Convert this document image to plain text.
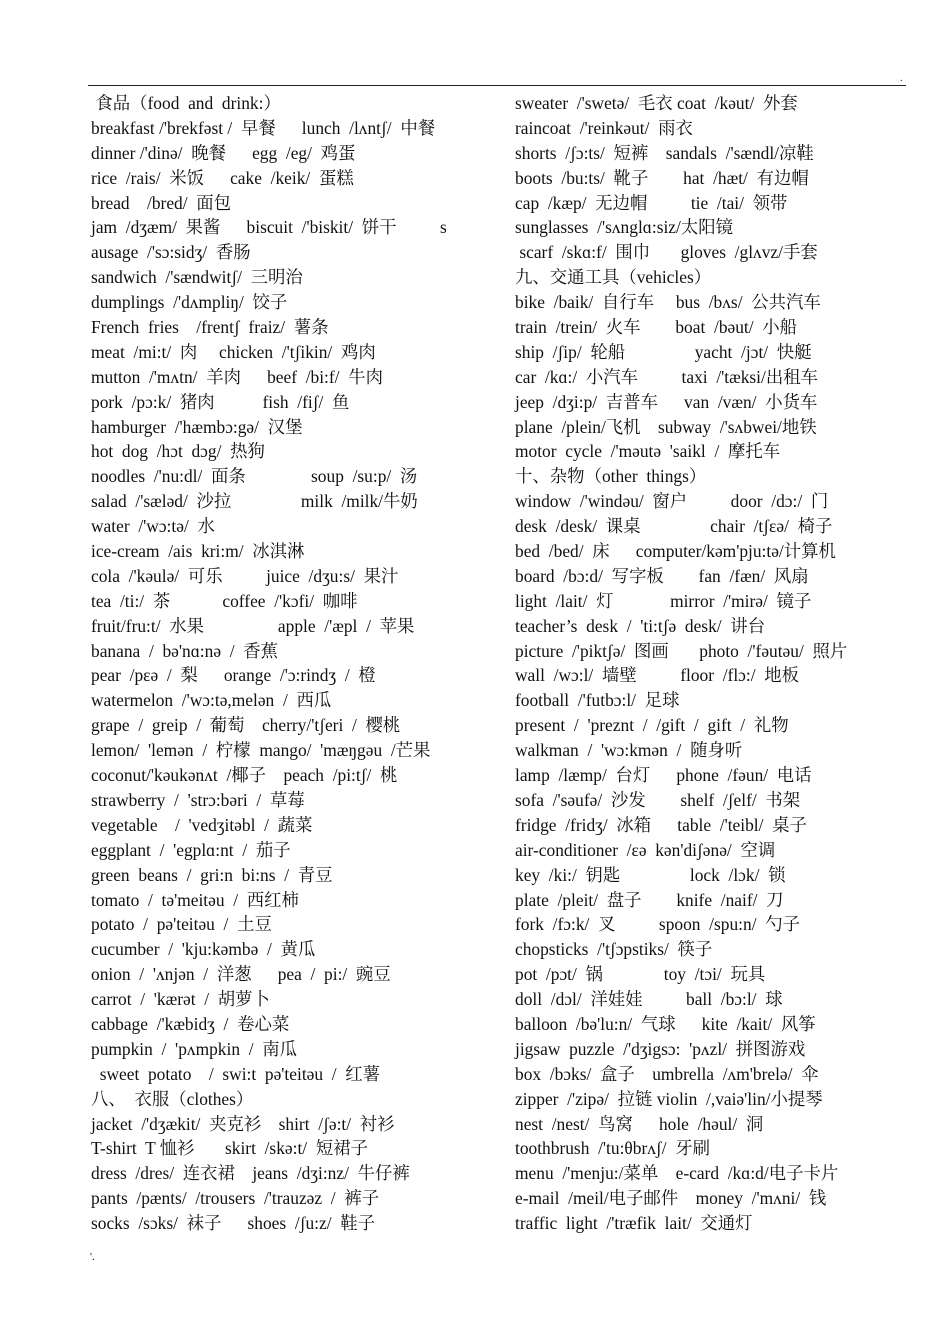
.
食品（food  and  drink:）
breakfast /'brekfəst /  早餐      lunch  /lʌntʃ/  中餐
dinner /'dinə/  晚餐      egg  /eg/  鸡蛋
rice  /rais/  米饭      cake  /keik/  蛋糕
bread    /bred/  面包
jam  /dʒæm/  果酱      biscuit  /'biskit/  饼干          s
ausage  /'sɔ:sidʒ/  香肠
sandwich  /'sændwitʃ/  三明治
dumplings  /'dʌmpliŋ/  饺子
French  fries    /frentʃ  fraiz/  薯条
meat  /mi:t/  肉     chicken  /'tʃikin/  鸡肉
mutton  /'mʌtn/  羊肉      beef  /bi:f/  牛肉
pork  /pɔ:k/  猪肉           fish  /fiʃ/  鱼
hamburger  /'hæmbɔ:gə/  汉堡
hot  dog  /hɔt  dɔg/  热狗
noodles  /'nu:dl/  面条               soup  /su:p/  汤
salad  /'sæləd/  沙拉                milk  /milk/牛奶
water  /'wɔ:tə/  水
ice-cream  /ais  kri:m/  冰淇淋
cola  /'kəulə/  可乐          juice  /dʒu:s/  果汁
tea  /ti:/  茶            coffee  /'kɔfi/  咖啡
fruit/fru:t/  水果                 apple  /'æpl  /  苹果
banana  /  bə'nɑ:nə  /  香蕉
pear  /pɛə  /  梨      orange  /'ɔ:rindʒ  /  橙
watermelon  /'wɔ:tə,melən  /  西瓜
grape  /  greip  /  葡萄    cherry/'tʃeri  /  樱桃
lemon/  'lemən  /  柠檬  mango/  'mæŋgəu  /芒果
coconut/'kəukənʌt  /椰子    peach  /pi:tʃ/  桃
strawberry  /  'strɔ:bəri  /  草莓
vegetable    /  'vedʒitəbl  /  蔬菜
eggplant  /  'egplɑ:nt  /  茄子
green  beans  /  gri:n  bi:ns  /  青豆
tomato  /  tə'meitəu  /  西红柿
potato  /  pə'teitəu  /  土豆
cucumber  /  'kju:kəmbə  /  黄瓜
onion  /  'ʌnjən  /  洋葱      pea  /  pi:/  豌豆
carrot  /  'kærət  /  胡萝卜
cabbage  /'kæbidʒ  /  卷心菜
pumpkin  /  'pʌmpkin  /  南瓜
sweet  potato    /  swi:t  pə'teitəu  /  红薯
八、  衣服（clothes）
jacket  /'dʒækit/  夹克衫    shirt  /ʃə:t/  衬衫
T-shirt  T 恤衫       skirt  /skə:t/  短裙子
dress  /dres/  连衣裙    jeans  /dʒi:nz/  牛仔裤
pants  /pænts/  /trousers  /'trauzəz  /  裤子
socks  /sɔks/  袜子      shoes  /ʃu:z/  鞋子
sweater  /'swetə/  毛衣 coat  /kəut/  外套
raincoat  /'reinkəut/  雨衣
shorts  /ʃɔ:ts/  短裤    sandals  /'sændl/凉鞋
boots  /bu:ts/  靴子        hat  /hæt/  有边帽
cap  /kæp/  无边帽          tie  /tai/  领带
sunglasses  /'sʌnglɑ:siz/太阳镜
scarf  /skɑ:f/  围巾       gloves  /glʌvz/手套
九、交通工具（vehicles）
bike  /baik/  自行车     bus  /bʌs/  公共汽车
train  /trein/  火车        boat  /bəut/  小船
ship  /ʃip/  轮船                yacht  /jɔt/  快艇
car  /kɑ:/  小汽车          taxi  /'tæksi/出租车
jeep  /dʒi:p/  吉普车      van  /væn/  小货车
plane  /plein/飞机    subway  /'sʌbwei/地铁
motor  cycle  /'məutə  'saikl  /  摩托车
十、杂物（other  things）
window  /'windəu/  窗户          door  /dɔ:/  门
desk  /desk/  课桌                chair  /tʃɛə/  椅子
bed  /bed/  床      computer/kəm'pju:tə/计算机
board  /bɔ:d/  写字板        fan  /fæn/  风扇
light  /lait/  灯             mirror  /'mirə/  镜子
teacher’s  desk  /  'ti:tʃə  desk/  讲台
picture  /'piktʃə/  图画       photo  /'fəutəu/  照片
wall  /wɔ:l/  墙壁          floor  /flɔ:/  地板
football  /'futbɔ:l/  足球
present  /  'preznt  /  /gift  /  gift  /  礼物
walkman  /  'wɔ:kmən  /  随身听
lamp  /læmp/  台灯      phone  /fəun/  电话
sofa  /'səufə/  沙发        shelf  /ʃelf/  书架
fridge  /fridʒ/  冰箱      table  /'teibl/  桌子
air-conditioner  /ɛə  kən'diʃənə/  空调
key  /ki:/  钥匙                lock  /lɔk/  锁
plate  /pleit/  盘子        knife  /naif/  刀
fork  /fɔ:k/  叉          spoon  /spu:n/  勺子
chopsticks  /'tʃɔpstiks/  筷子
pot  /pɔt/  锅              toy  /tɔi/  玩具
doll  /dɔl/  洋娃娃          ball  /bɔ:l/  球
balloon  /bə'lu:n/  气球      kite  /kait/  风筝
jigsaw  puzzle  /'dʒigsɔ:  'pʌzl/  拼图游戏
box  /bɔks/  盒子    umbrella  /ʌm'brelə/  伞
zipper  /'zipə/  拉链 violin  /,vaiə'lin/小提琴
nest  /nest/  鸟窝      hole  /həul/  洞
toothbrush  /'tu:θbrʌʃ/  牙刷
menu  /'menju:/菜单    e-card  /kɑ:d/电子卡片
e-mail  /meil/电子邮件    money  /'mʌni/  钱
traffic  light  /'træfik  lait/  交通灯
'.
